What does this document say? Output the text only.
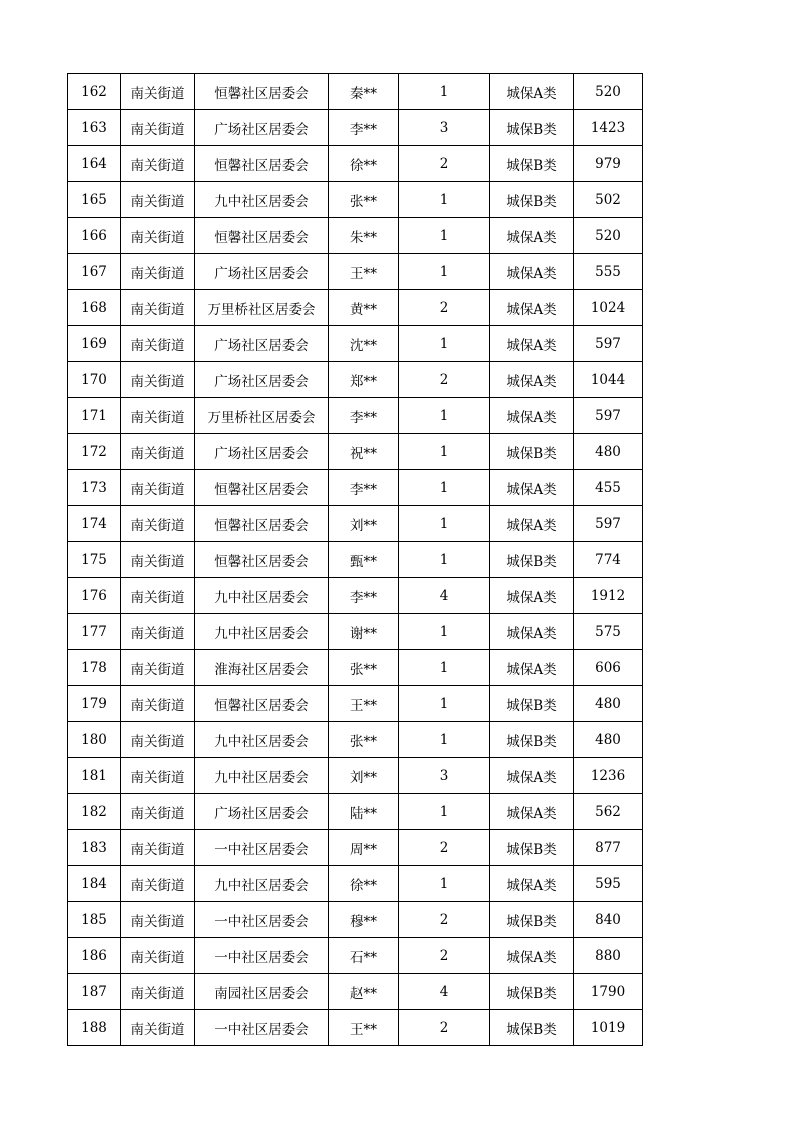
162	南关街道	恒馨社区居委会	秦**	1	城保A类	520
163	南关街道	广场社区居委会	李**	3	城保B类	1423
164	南关街道	恒馨社区居委会	徐**	2	城保B类	979
165	南关街道	九中社区居委会	张**	1	城保B类	502
166	南关街道	恒馨社区居委会	朱**	1	城保A类	520
167	南关街道	广场社区居委会	王**	1	城保A类	555
168	南关街道	万里桥社区居委会	黄**	2	城保A类	1024
169	南关街道	广场社区居委会	沈**	1	城保A类	597
170	南关街道	广场社区居委会	郑**	2	城保A类	1044
171	南关街道	万里桥社区居委会	李**	1	城保A类	597
172	南关街道	广场社区居委会	祝**	1	城保B类	480
173	南关街道	恒馨社区居委会	李**	1	城保A类	455
174	南关街道	恒馨社区居委会	刘**	1	城保A类	597
175	南关街道	恒馨社区居委会	甄**	1	城保B类	774
176	南关街道	九中社区居委会	李**	4	城保A类	1912
177	南关街道	九中社区居委会	谢**	1	城保A类	575
178	南关街道	淮海社区居委会	张**	1	城保A类	606
179	南关街道	恒馨社区居委会	王**	1	城保B类	480
180	南关街道	九中社区居委会	张**	1	城保B类	480
181	南关街道	九中社区居委会	刘**	3	城保A类	1236
182	南关街道	广场社区居委会	陆**	1	城保A类	562
183	南关街道	一中社区居委会	周**	2	城保B类	877
184	南关街道	九中社区居委会	徐**	1	城保A类	595
185	南关街道	一中社区居委会	穆**	2	城保B类	840
186	南关街道	一中社区居委会	石**	2	城保A类	880
187	南关街道	南园社区居委会	赵**	4	城保B类	1790
188	南关街道	一中社区居委会	王**	2	城保B类	1019
